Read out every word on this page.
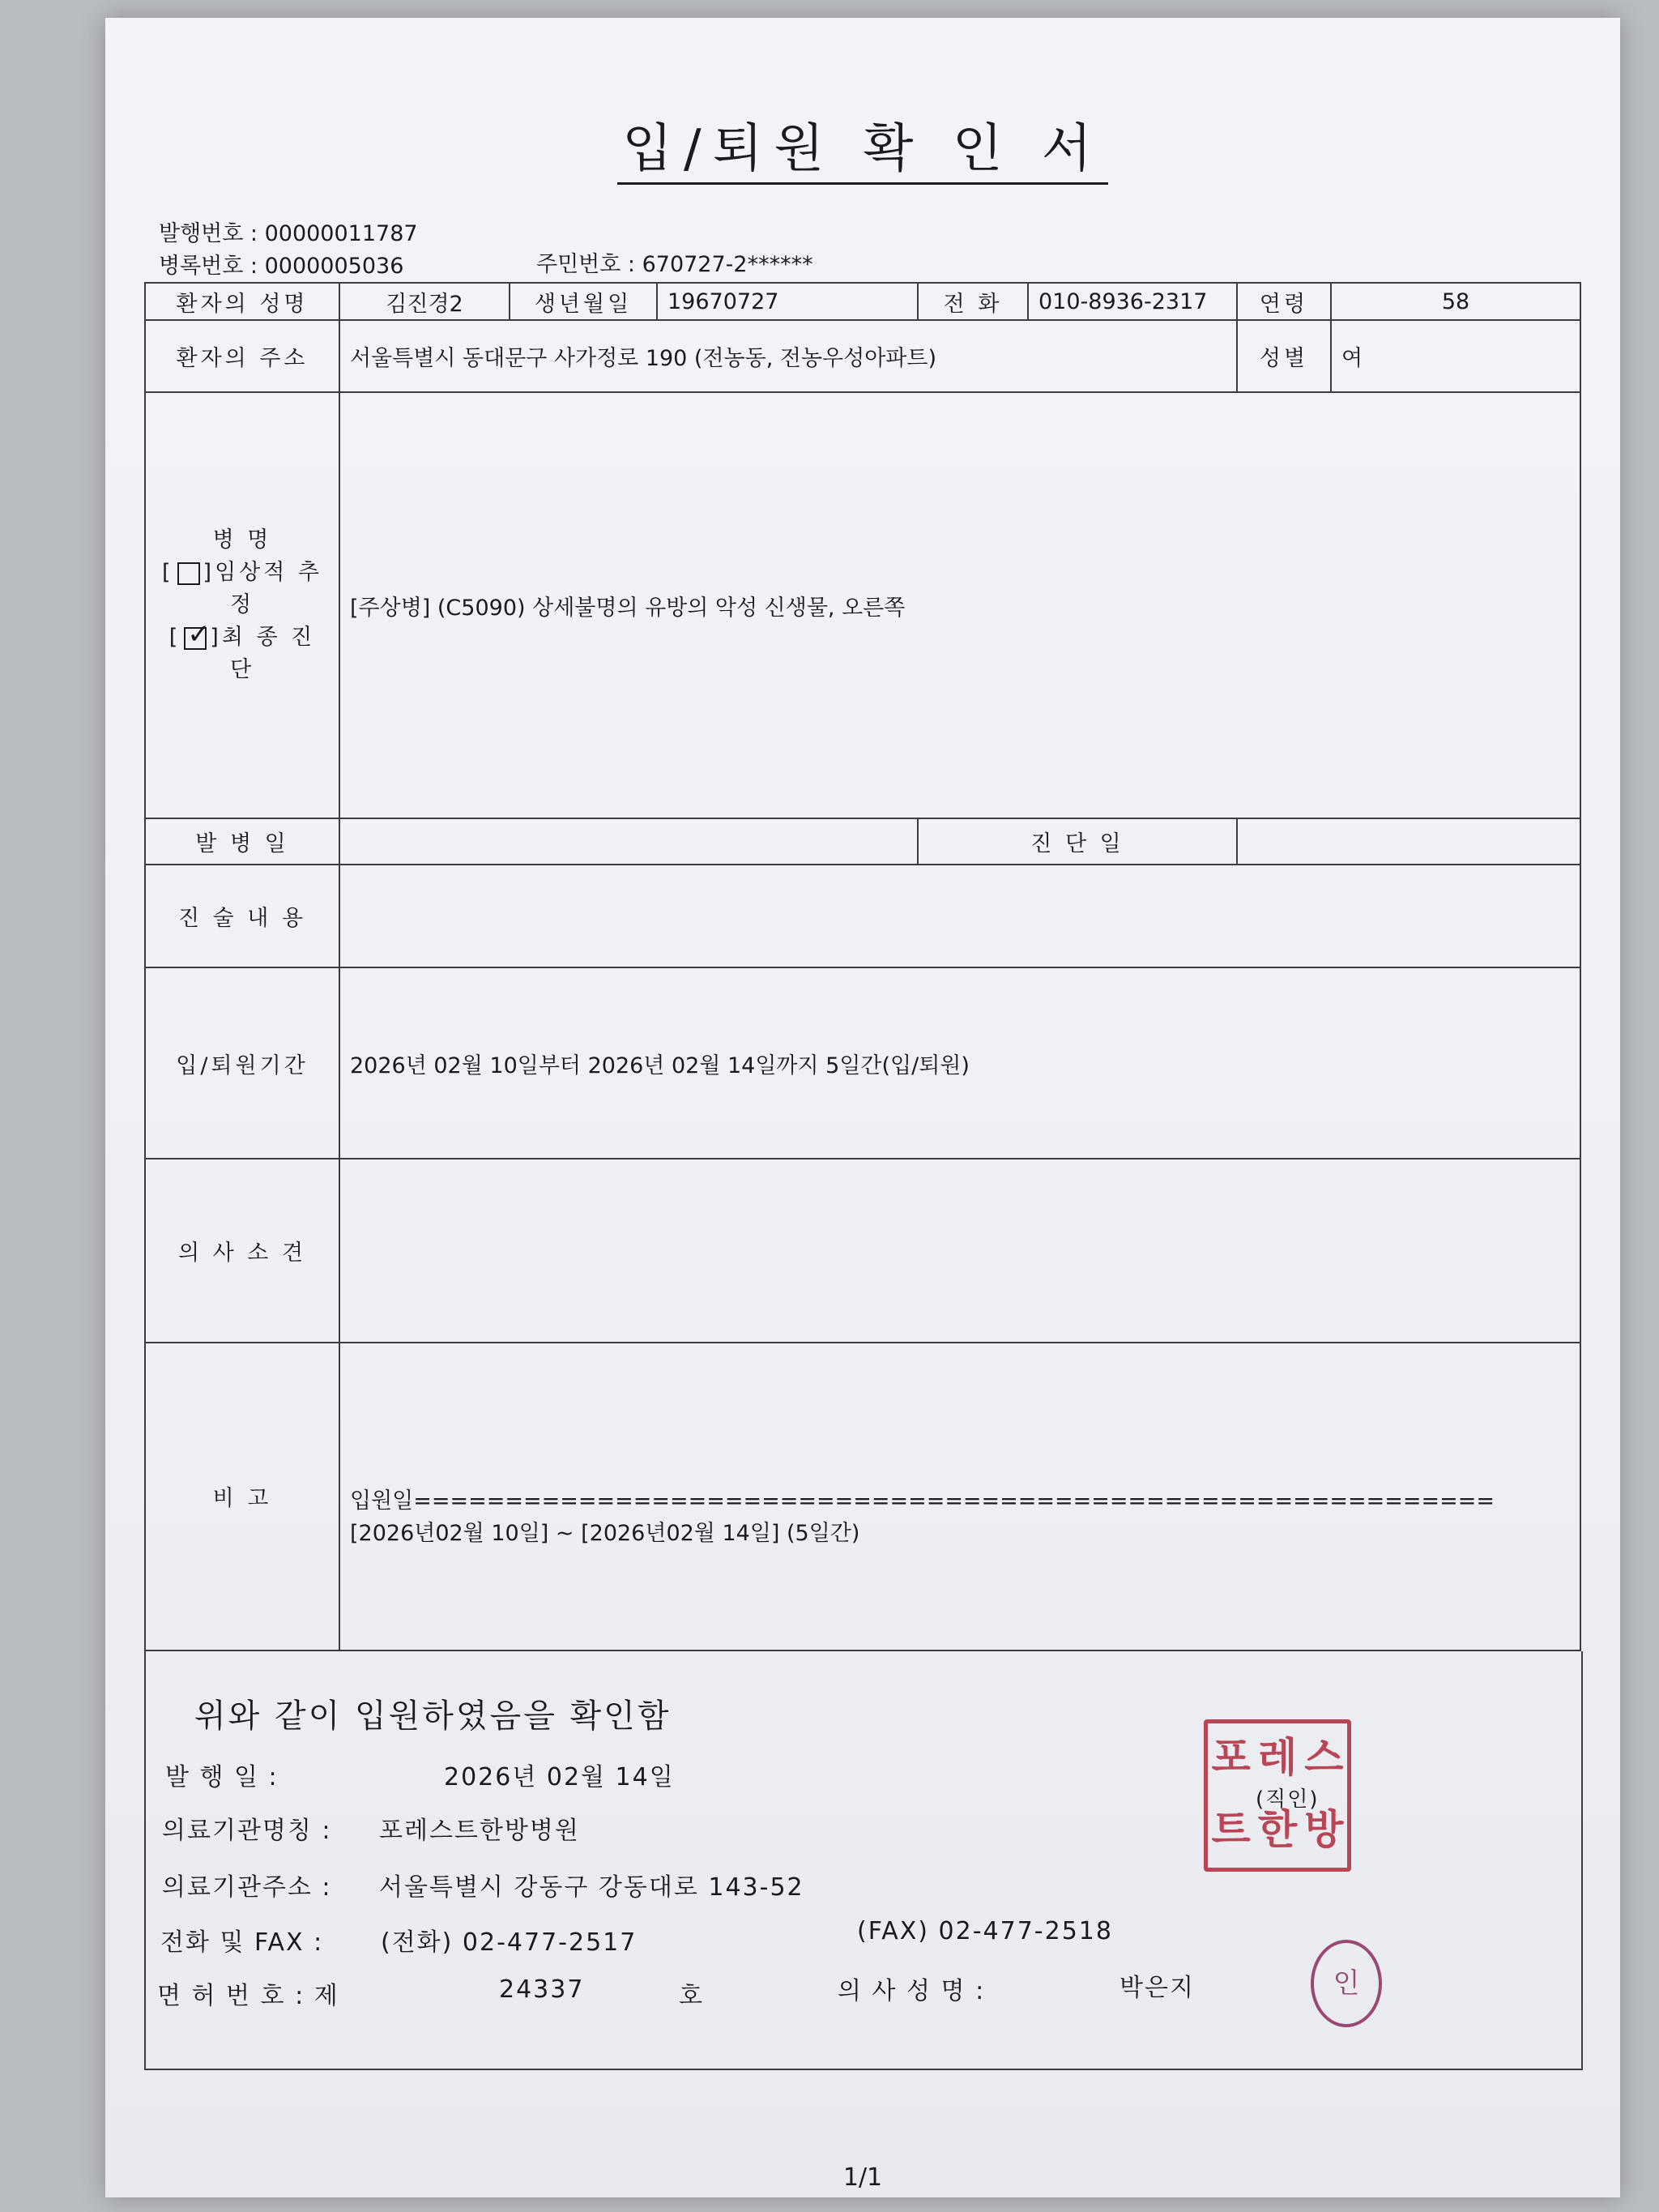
입/퇴원 확 인 서
발행번호 : 00000011787
병록번호 : 0000005036	주민번호 : 670727-2******
환자의 성명	김진경2	생년월일	19670727	전 화	010-8936-2317	연령	58
환자의 주소	서울특별시 동대문구 사가정로 190 (전농동, 전농우성아파트)					성별	여

병 명
[ ]임상적 추정
[ ✓
]최 종 진 단	[주상병] (C5090) 상세불명의 유방의 악성 신생물, 오른쪽						
발 병 일				진 단 일			
진 술 내 용							
입/퇴원기간	2026년 02월 10일부터 2026년 02월 14일까지 5일간(입/퇴원)						
의 사 소 견							
비 고	입원일===========================================================
[2026년02월 10일] ~ [2026년02월 14일] (5일간)						
위와 같이 입원하였음을 확인함
발 행 일 :	2026년 02월 14일
의료기관명칭 : 포레스트한방병원
의료기관주소 : 서울특별시 강동구 강동대로 143-52
전화 및 FAX : (전화) 02-477-2517	(FAX) 02-477-2518
면 허 번 호 : 제	24337	호	의 사 성 명 :	박은지
포 레 스
트 한 방
(직인)
인
1/1
